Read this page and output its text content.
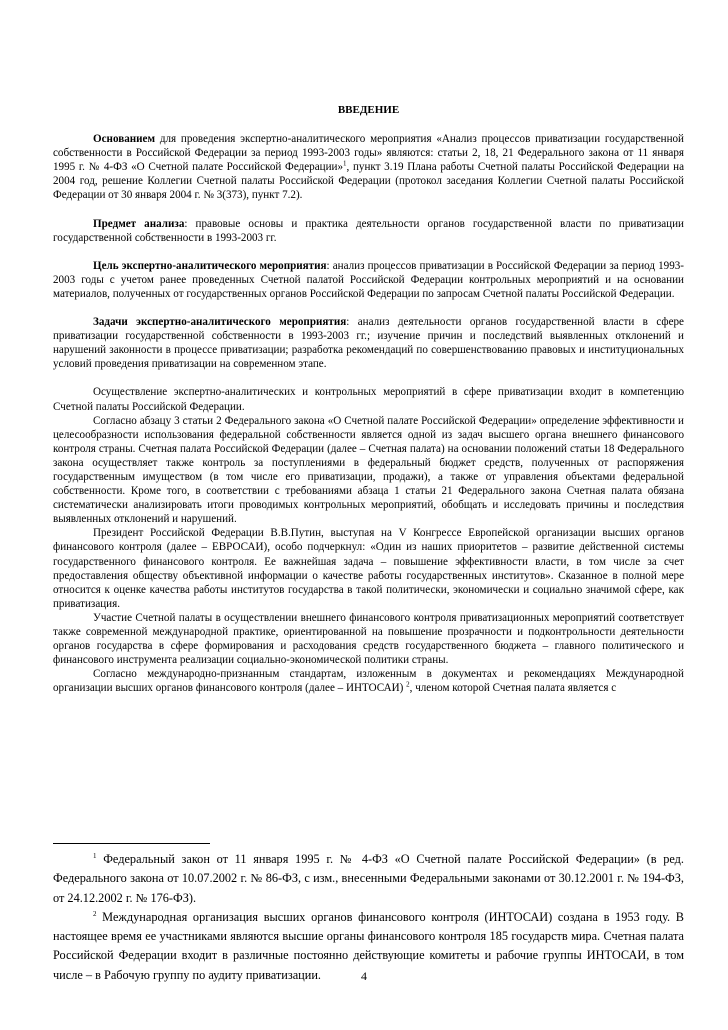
ВВЕДЕНИЕ

Основанием для проведения экспертно-аналитического мероприятия «Анализ процессов приватизации государственной собственности в Российской Федерации за период 1993-2003 годы» являются: статьи 2, 18, 21 Федерального закона от 11 января 1995 г. № 4-ФЗ «О Счетной палате Российской Федерации»$^1$, пункт 3.19 Плана работы Счетной палаты Российской Федерации на 2004 год, решение Коллегии Счетной палаты Российской Федерации (протокол заседания Коллегии Счетной палаты Российской Федерации от 30 января 2004 г. № 3(373), пункт 7.2).

Предмет анализа: правовые основы и практика деятельности органов государственной власти по приватизации государственной собственности в 1993-2003 гг.

Цель экспертно-аналитического мероприятия: анализ процессов приватизации в Российской Федерации за период 1993-2003 годы с учетом ранее проведенных Счетной палатой Российской Федерации контрольных мероприятий и на основании материалов, полученных от государственных органов Российской Федерации по запросам Счетной палаты Российской Федерации.

Задачи экспертно-аналитического мероприятия: анализ деятельности органов государственной власти в сфере приватизации государственной собственности в 1993-2003 гг.; изучение причин и последствий выявленных отклонений и нарушений законности в процессе приватизации; разработка рекомендаций по совершенствованию правовых и институциональных условий проведения приватизации на современном этапе.

Осуществление экспертно-аналитических и контрольных мероприятий в сфере приватизации входит в компетенцию Счетной палаты Российской Федерации.

Согласно абзацу 3 статьи 2 Федерального закона «О Счетной палате Российской Федерации» определение эффективности и целесообразности использования федеральной собственности является одной из задач высшего органа внешнего финансового контроля страны. Счетная палата Российской Федерации (далее – Счетная палата) на основании положений статьи 18 Федерального закона осуществляет также контроль за поступлениями в федеральный бюджет средств, полученных от распоряжения государственным имуществом (в том числе его приватизации, продажи), а также от управления объектами федеральной собственности. Кроме того, в соответствии с требованиями абзаца 1 статьи 21 Федерального закона Счетная палата обязана систематически анализировать итоги проводимых контрольных мероприятий, обобщать и исследовать причины и последствия выявленных отклонений и нарушений.

Президент Российской Федерации В.В.Путин, выступая на V Конгрессе Европейской организации высших органов финансового контроля (далее – ЕВРОСАИ), особо подчеркнул: «Один из наших приоритетов – развитие действенной системы государственного финансового контроля. Ее важнейшая задача – повышение эффективности власти, в том числе за счет предоставления обществу объективной информации о качестве работы государственных институтов». Сказанное в полной мере относится к оценке качества работы институтов государства в такой политически, экономически и социально значимой сфере, как приватизация.

Участие Счетной палаты в осуществлении внешнего финансового контроля приватизационных мероприятий соответствует также современной международной практике, ориентированной на повышение прозрачности и подконтрольности деятельности органов государства в сфере формирования и расходования средств государственного бюджета – главного политического и финансового инструмента реализации социально-экономической политики страны.

Согласно международно-признанным стандартам, изложенным в документах и рекомендациях Международной организации высших органов финансового контроля (далее – ИНТОСАИ) $^2$, членом которой Счетная палата является с

$^1$ Федеральный закон от 11 января 1995 г. № 4-ФЗ «О Счетной палате Российской Федерации» (в ред. Федерального закона от 10.07.2002 г. № 86-ФЗ, с изм., внесенными Федеральными законами от 30.12.2001 г. № 194-ФЗ, от 24.12.2002 г. № 176-ФЗ).

$^2$ Международная организация высших органов финансового контроля (ИНТОСАИ) создана в 1953 году. В настоящее время ее участниками являются высшие органы финансового контроля 185 государств мира. Счетная палата Российской Федерации входит в различные постоянно действующие комитеты и рабочие группы ИНТОСАИ, в том числе – в Рабочую группу по аудиту приватизации.	4
